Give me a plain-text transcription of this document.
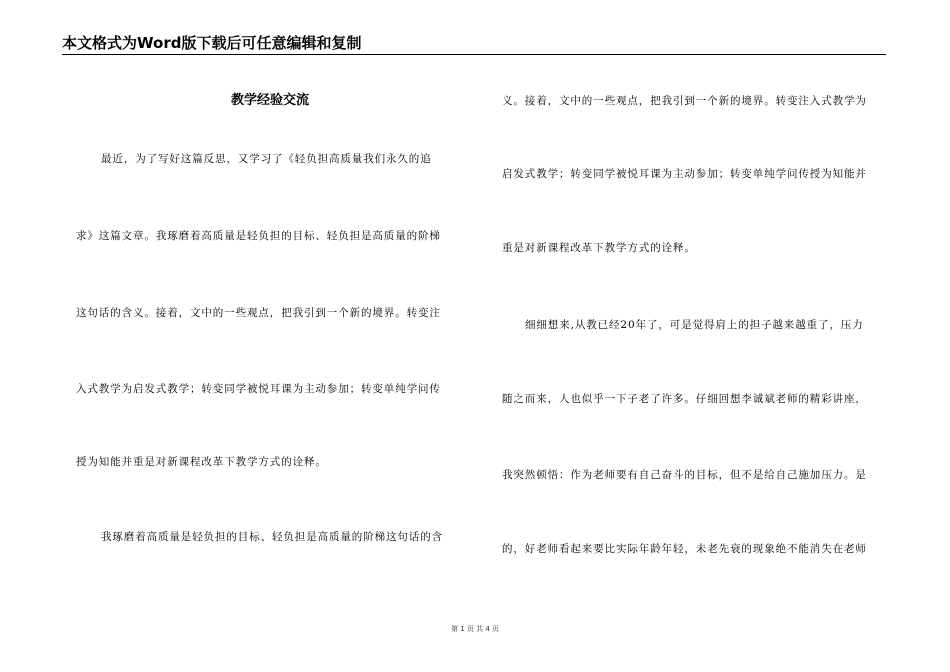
本文格式为Word版下载后可任意编辑和复制
教学经验交流
最近，为了写好这篇反思，又学习了《轻负担高质量我们永久的追
求》这篇文章。我琢磨着高质量是轻负担的目标、轻负担是高质量的阶梯
这句话的含义。接着，文中的一些观点，把我引到一个新的境界。转变注
入式教学为启发式教学；转变同学被悦耳课为主动参加；转变单纯学问传
授为知能并重是对新课程改革下教学方式的诠释。
我琢磨着高质量是轻负担的目标、轻负担是高质量的阶梯这句话的含
义。接着，文中的一些观点，把我引到一个新的境界。转变注入式教学为
启发式教学；转变同学被悦耳课为主动参加；转变单纯学问传授为知能并
重是对新课程改革下教学方式的诠释。
细细想来,从教已经20年了，可是觉得肩上的担子越来越重了，压力
随之而来，人也似乎一下子老了许多。仔细回想李诚斌老师的精彩讲座，
我突然顿悟：作为老师要有自己奋斗的目标，但不是给自己施加压力。是
的，好老师看起来要比实际年龄年轻，未老先衰的现象绝不能消失在老师
第 1 页 共 4 页
